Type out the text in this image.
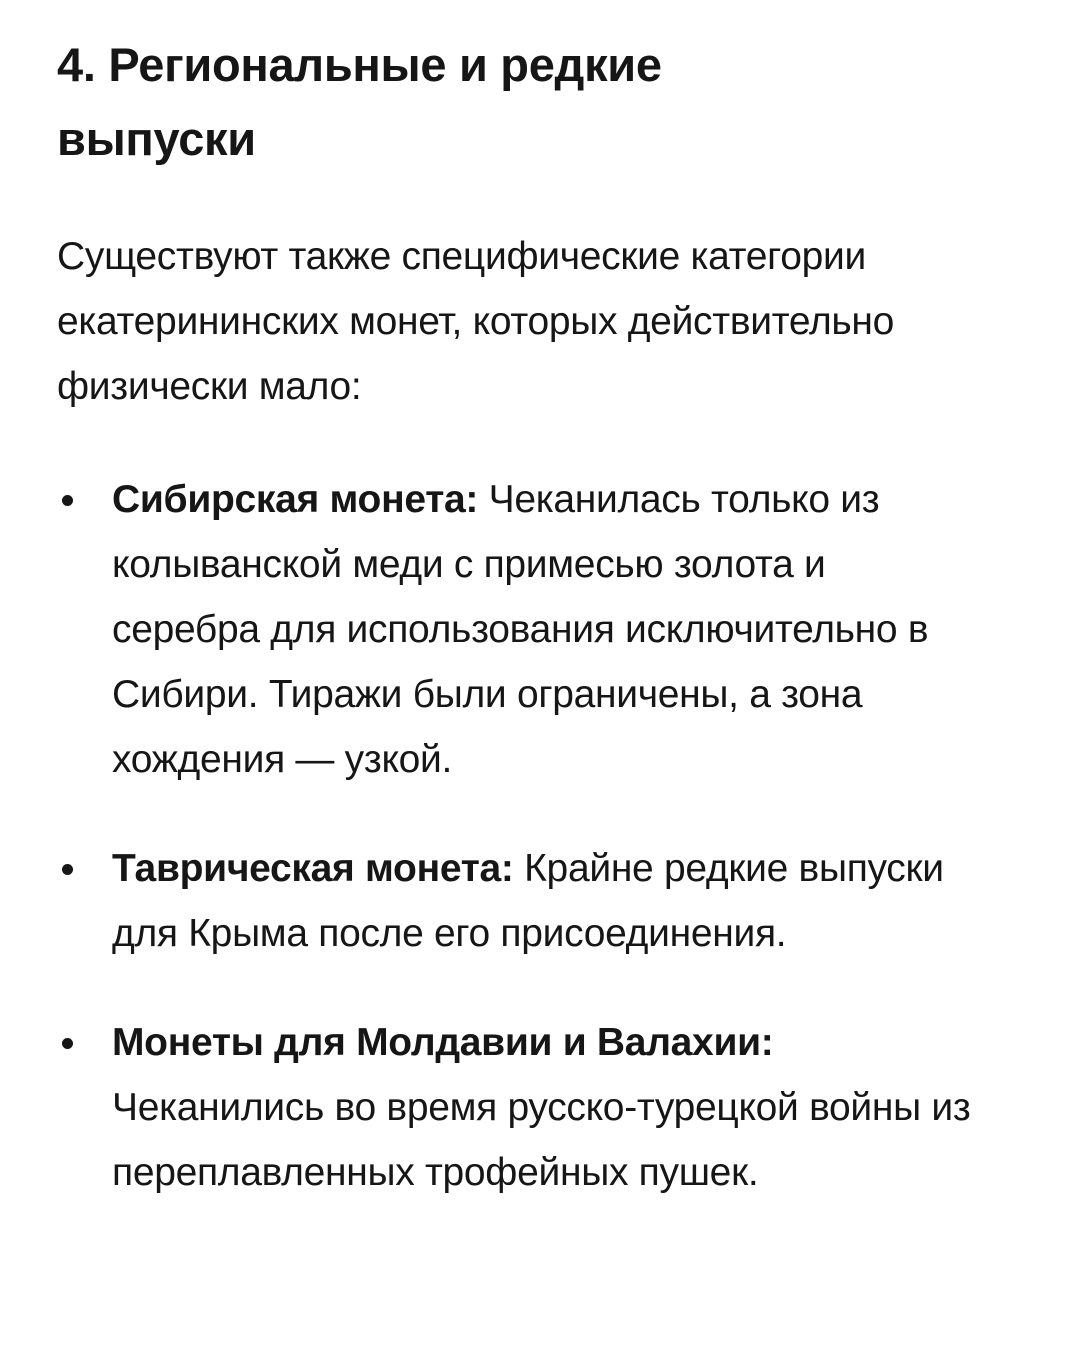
4. Региональные и редкие выпуски

Существуют также специфические категории екатерининских монет, которых действительно физически мало:

Сибирская монета: Чеканилась только из колыванской меди с примесью золота и серебра для использования исключительно в Сибири. Тиражи были ограничены, а зона хождения — узкой.
Таврическая монета: Крайне редкие выпуски для Крыма после его присоединения.
Монеты для Молдавии и Валахии: Чеканились во время русско-турецкой войны из переплавленных трофейных пушек.
